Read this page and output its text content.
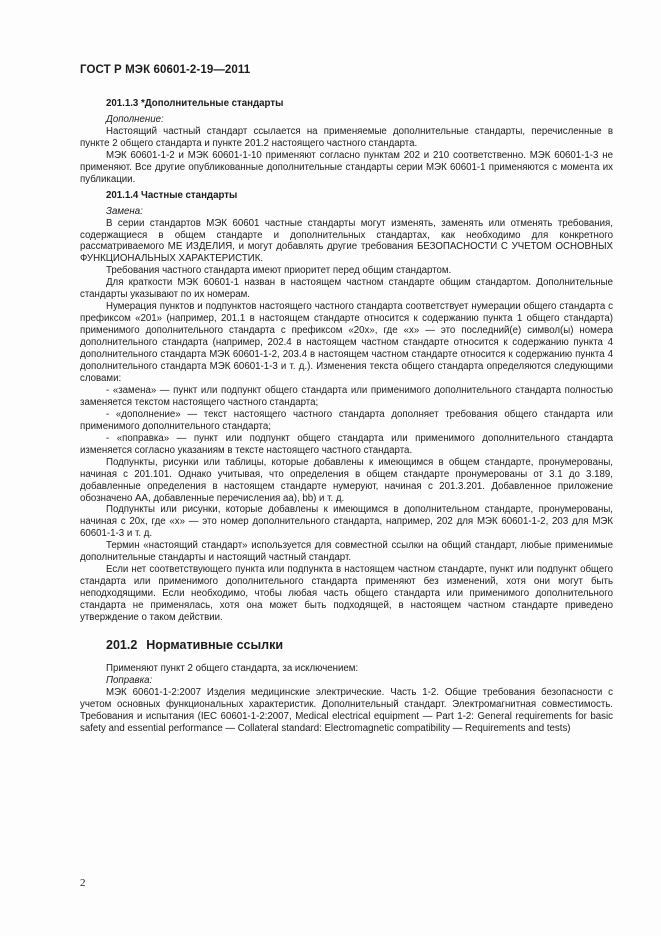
ГОСТ Р МЭК 60601-2-19—2011
201.1.3 *Дополнительные стандарты

Дополнение:

Настоящий частный стандарт ссылается на применяемые дополнительные стандарты, перечисленные в пункте 2 общего стандарта и пункте 201.2 настоящего частного стандарта.

МЭК 60601-1-2 и МЭК 60601-1-10 применяют согласно пунктам 202 и 210 соответственно. МЭК 60601-1-3 не применяют. Все другие опубликованные дополнительные стандарты серии МЭК 60601-1 применяются с момента их публикации.

201.1.4 Частные стандарты

Замена:

В серии стандартов МЭК 60601 частные стандарты могут изменять, заменять или отменять требования, содержащиеся в общем стандарте и дополнительных стандартах, как необходимо для конкретного рассматриваемого МЕ ИЗДЕЛИЯ, и могут добавлять другие требования БЕЗОПАСНОСТИ С УЧЕТОМ ОСНОВНЫХ ФУНКЦИОНАЛЬНЫХ ХАРАКТЕРИСТИК.

Требования частного стандарта имеют приоритет перед общим стандартом.

Для краткости МЭК 60601-1 назван в настоящем частном стандарте общим стандартом. Дополнительные стандарты указывают по их номерам.

Нумерация пунктов и подпунктов настоящего частного стандарта соответствует нумерации общего стандарта с префиксом «201» (например, 201.1 в настоящем стандарте относится к содержанию пункта 1 общего стандарта) применимого дополнительного стандарта с префиксом «20x», где «x» — это последний(е) символ(ы) номера дополнительного стандарта (например, 202.4 в настоящем частном стандарте относится к содержанию пункта 4 дополнительного стандарта МЭК 60601-1-2, 203.4 в настоящем частном стандарте относится к содержанию пункта 4 дополнительного стандарта МЭК 60601-1-3 и т. д.). Изменения текста общего стандарта определяются следующими словами:

- «замена» — пункт или подпункт общего стандарта или применимого дополнительного стандарта полностью заменяется текстом настоящего частного стандарта;

- «дополнение» — текст настоящего частного стандарта дополняет требования общего стандарта или применимого дополнительного стандарта;

- «поправка» — пункт или подпункт общего стандарта или применимого дополнительного стандарта изменяется согласно указаниям в тексте настоящего частного стандарта.

Подпункты, рисунки или таблицы, которые добавлены к имеющимся в общем стандарте, пронумерованы, начиная с 201.101. Однако учитывая, что определения в общем стандарте пронумерованы от 3.1 до 3.189, добавленные определения в настоящем стандарте нумеруют, начиная с 201.3.201. Добавленное приложение обозначено АА, добавленные перечисления аа), bb) и т. д.

Подпункты или рисунки, которые добавлены к имеющимся в дополнительном стандарте, пронумерованы, начиная с 20x, где «x» — это номер дополнительного стандарта, например, 202 для МЭК 60601-1-2, 203 для МЭК 60601-1-3 и т. д.

Термин «настоящий стандарт» используется для совместной ссылки на общий стандарт, любые применимые дополнительные стандарты и настоящий частный стандарт.

Если нет соответствующего пункта или подпункта в настоящем частном стандарте, пункт или подпункт общего стандарта или применимого дополнительного стандарта применяют без изменений, хотя они могут быть неподходящими. Если необходимо, чтобы любая часть общего стандарта или применимого дополнительного стандарта не применялась, хотя она может быть подходящей, в настоящем частном стандарте приведено утверждение о таком действии.

201.2 Нормативные ссылки

Применяют пункт 2 общего стандарта, за исключением:

Поправка:

МЭК 60601-1-2:2007 Изделия медицинские электрические. Часть 1-2. Общие требования безопасности с учетом основных функциональных характеристик. Дополнительный стандарт. Электромагнитная совместимость. Требования и испытания (IEC 60601-1-2:2007, Medical electrical equipment — Part 1-2: General requirements for basic safety and essential performance — Collateral standard: Electromagnetic compatibility — Requirements and tests)

2
